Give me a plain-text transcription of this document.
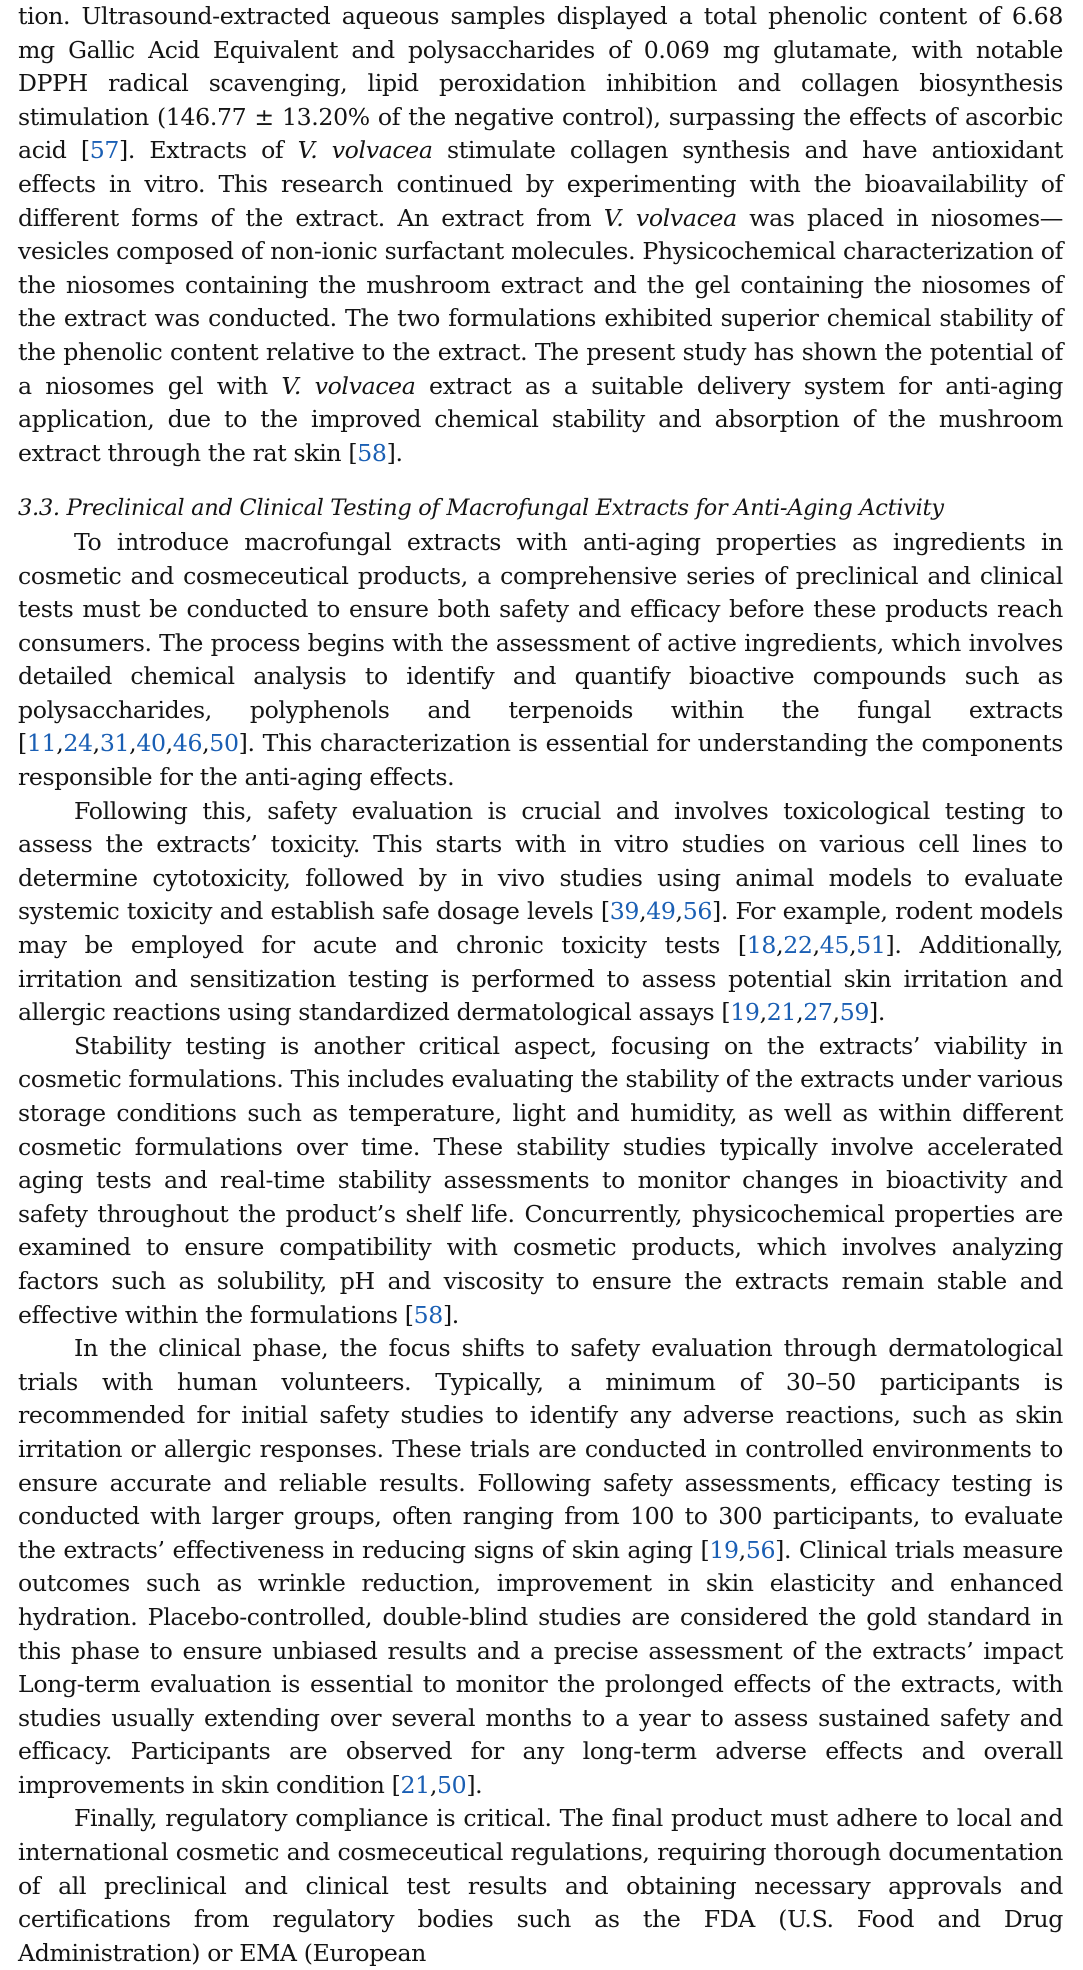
tion. Ultrasound-extracted aqueous samples displayed a total phenolic content of 6.68 mg Gallic Acid Equivalent and polysaccharides of 0.069 mg glutamate, with notable DPPH radical scavenging, lipid peroxidation inhibition and collagen biosynthesis stimulation (146.77 ± 13.20% of the negative control), surpassing the effects of ascorbic acid [57]. Extracts of V. volvacea stimulate collagen synthesis and have antioxidant effects in vitro. This research continued by experimenting with the bioavailability of different forms of the extract. An extract from V. volvacea was placed in niosomes—vesicles composed of non-ionic surfactant molecules. Physicochemical characterization of the niosomes containing the mushroom extract and the gel containing the niosomes of the extract was conducted. The two formulations exhibited superior chemical stability of the phenolic content relative to the extract. The present study has shown the potential of a niosomes gel with V. volvacea extract as a suitable delivery system for anti-aging application, due to the improved chemical stability and absorption of the mushroom extract through the rat skin [58].

3.3. Preclinical and Clinical Testing of Macrofungal Extracts for Anti-Aging Activity

To introduce macrofungal extracts with anti-aging properties as ingredients in cosmetic and cosmeceutical products, a comprehensive series of preclinical and clinical tests must be conducted to ensure both safety and efficacy before these products reach consumers. The process begins with the assessment of active ingredients, which involves detailed chemical analysis to identify and quantify bioactive compounds such as polysaccharides, polyphenols and terpenoids within the fungal extracts [11,24,31,40,46,50]. This characterization is essential for understanding the components responsible for the anti-aging effects.

Following this, safety evaluation is crucial and involves toxicological testing to assess the extracts’ toxicity. This starts with in vitro studies on various cell lines to determine cytotoxicity, followed by in vivo studies using animal models to evaluate systemic toxicity and establish safe dosage levels [39,49,56]. For example, rodent models may be employed for acute and chronic toxicity tests [18,22,45,51]. Additionally, irritation and sensitization testing is performed to assess potential skin irritation and allergic reactions using standardized dermatological assays [19,21,27,59].

Stability testing is another critical aspect, focusing on the extracts’ viability in cosmetic formulations. This includes evaluating the stability of the extracts under various storage conditions such as temperature, light and humidity, as well as within different cosmetic formulations over time. These stability studies typically involve accelerated aging tests and real-time stability assessments to monitor changes in bioactivity and safety throughout the product’s shelf life. Concurrently, physicochemical properties are examined to ensure compatibility with cosmetic products, which involves analyzing factors such as solubility, pH and viscosity to ensure the extracts remain stable and effective within the formulations [58].

In the clinical phase, the focus shifts to safety evaluation through dermatological trials with human volunteers. Typically, a minimum of 30–50 participants is recommended for initial safety studies to identify any adverse reactions, such as skin irritation or allergic responses. These trials are conducted in controlled environments to ensure accurate and reliable results. Following safety assessments, efficacy testing is conducted with larger groups, often ranging from 100 to 300 participants, to evaluate the extracts’ effectiveness in reducing signs of skin aging [19,56]. Clinical trials measure outcomes such as wrinkle reduction, improvement in skin elasticity and enhanced hydration. Placebo-controlled, double-blind studies are considered the gold standard in this phase to ensure unbiased results and a precise assessment of the extracts’ impact Long-term evaluation is essential to monitor the prolonged effects of the extracts, with studies usually extending over several months to a year to assess sustained safety and efficacy. Participants are observed for any long-term adverse effects and overall improvements in skin condition [21,50].

Finally, regulatory compliance is critical. The final product must adhere to local and international cosmetic and cosmeceutical regulations, requiring thorough documentation of all preclinical and clinical test results and obtaining necessary approvals and certifications from regulatory bodies such as the FDA (U.S. Food and Drug Administration) or EMA (European
